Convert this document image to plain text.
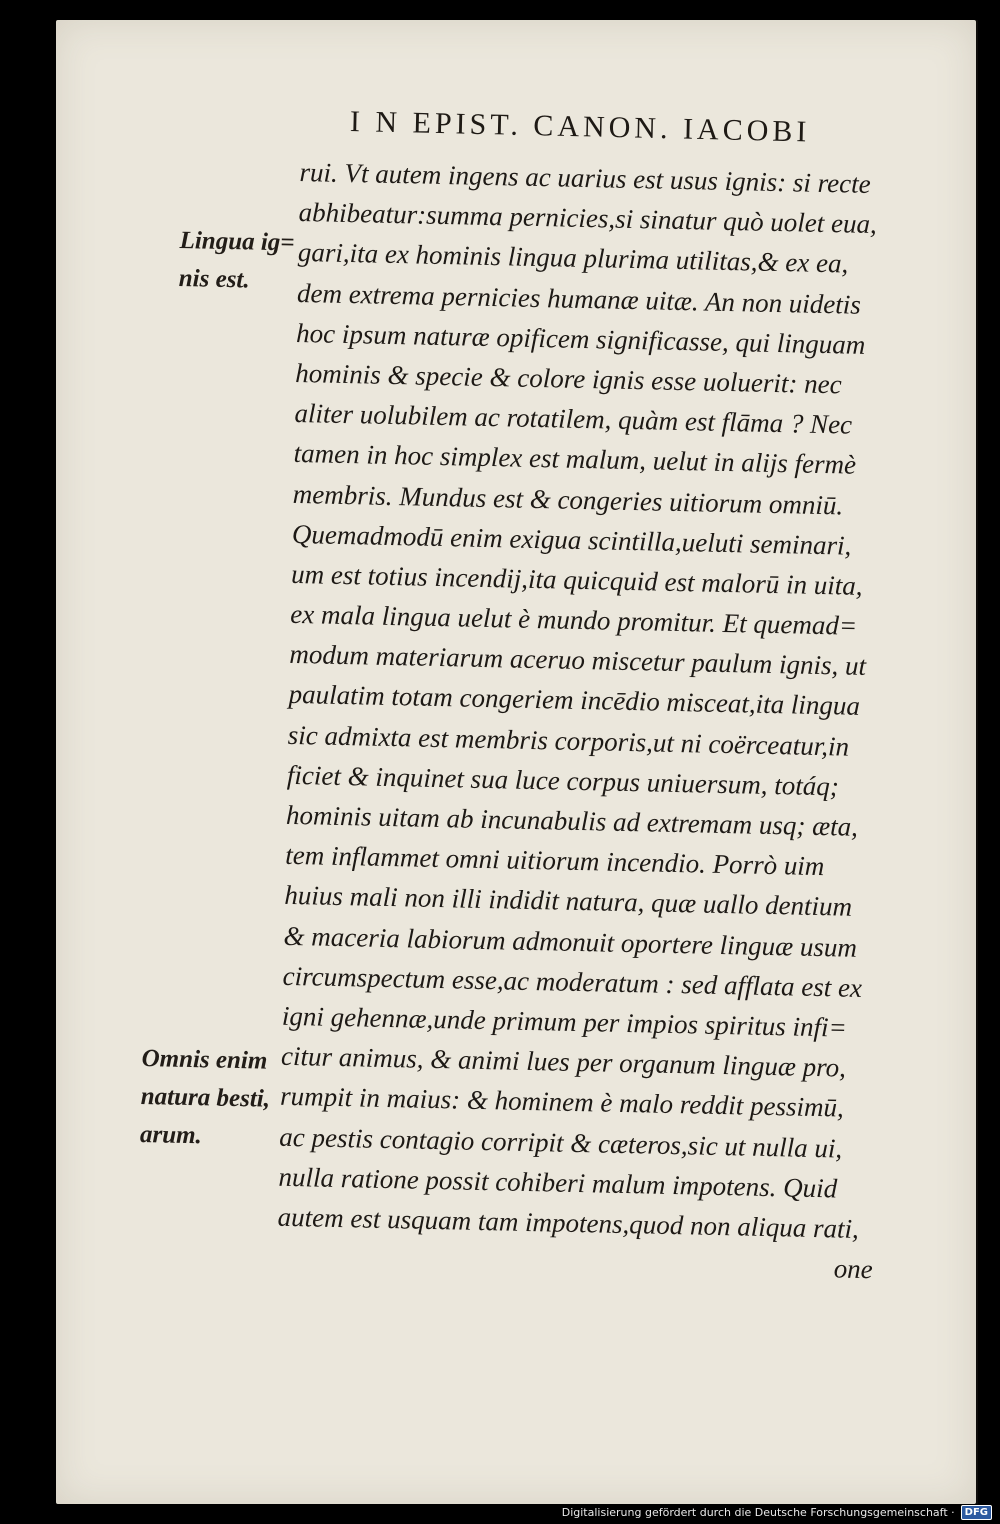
I N EPIST. CANON. IACOBI
Lingua ig=
nis est.
Omnis enim
natura besti,
arum.
rui. Vt autem ingens ac uarius est usus ignis: si recte
abhibeatur:summa pernicies,si sinatur quò uolet eua,
gari,ita ex hominis lingua plurima utilitas,& ex ea,
dem extrema pernicies humanæ uitæ. An non uidetis
hoc ipsum naturæ opificem significasse, qui linguam
hominis & specie & colore ignis esse uoluerit: nec
aliter uolubilem ac rotatilem, quàm est flāma ? Nec
tamen in hoc simplex est malum, uelut in alijs fermè
membris. Mundus est & congeries uitiorum omniū.
Quemadmodū enim exigua scintilla,ueluti seminari,
um est totius incendij,ita quicquid est malorū in uita,
ex mala lingua uelut è mundo promitur. Et quemad=
modum materiarum aceruo miscetur paulum ignis, ut
paulatim totam congeriem incēdio misceat,ita lingua
sic admixta est membris corporis,ut ni coërceatur,in
ficiet & inquinet sua luce corpus uniuersum, totáq;
hominis uitam ab incunabulis ad extremam usq; æta,
tem inflammet omni uitiorum incendio. Porrò uim
huius mali non illi indidit natura, quæ uallo dentium
& maceria labiorum admonuit oportere linguæ usum
circumspectum esse,ac moderatum : sed afflata est ex
igni gehennæ,unde primum per impios spiritus infi=
citur animus, & animi lues per organum linguæ pro,
rumpit in maius: & hominem è malo reddit pessimū,
ac pestis contagio corripit & cæteros,sic ut nulla ui,
nulla ratione possit cohiberi malum impotens. Quid
autem est usquam tam impotens,quod non aliqua rati,
one
Digitalisierung gefördert durch die Deutsche Forschungsgemeinschaft ·	DFG
